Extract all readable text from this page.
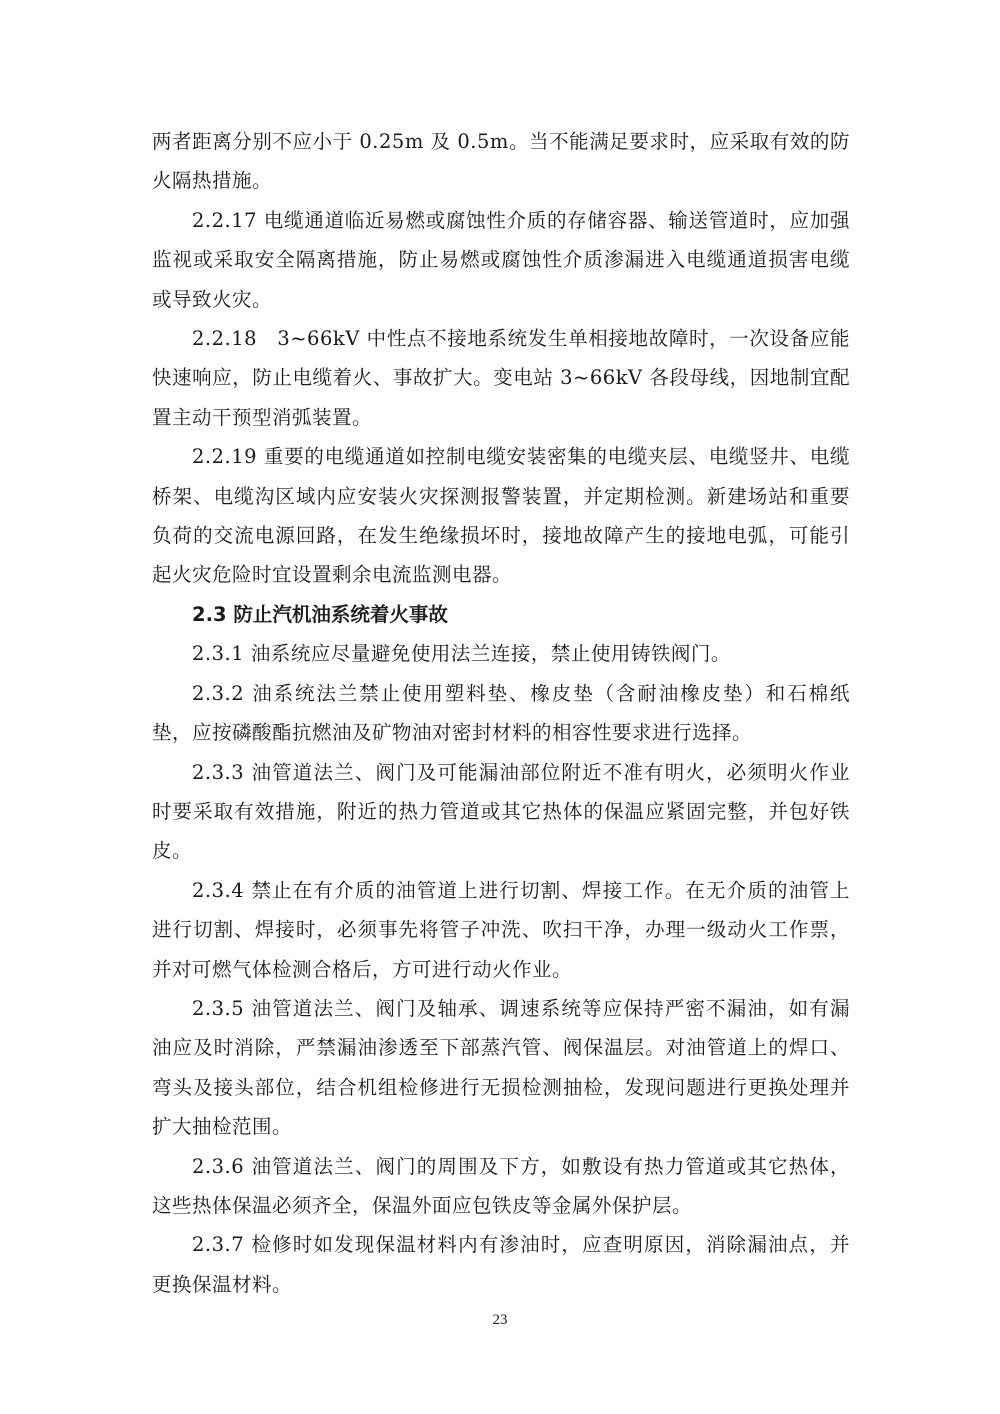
两者距离分别不应小于 0.25m 及 0.5m。当不能满足要求时，应采取有效的防火隔热措施。

2.2.17 电缆通道临近易燃或腐蚀性介质的存储容器、输送管道时，应加强监视或采取安全隔离措施，防止易燃或腐蚀性介质渗漏进入电缆通道损害电缆或导致火灾。

2.2.18　3~66kV 中性点不接地系统发生单相接地故障时，一次设备应能快速响应，防止电缆着火、事故扩大。变电站 3~66kV 各段母线，因地制宜配置主动干预型消弧装置。

2.2.19 重要的电缆通道如控制电缆安装密集的电缆夹层、电缆竖井、电缆桥架、电缆沟区域内应安装火灾探测报警装置，并定期检测。新建场站和重要负荷的交流电源回路，在发生绝缘损坏时，接地故障产生的接地电弧，可能引起火灾危险时宜设置剩余电流监测电器。

2.3 防止汽机油系统着火事故

2.3.1 油系统应尽量避免使用法兰连接，禁止使用铸铁阀门。

2.3.2 油系统法兰禁止使用塑料垫、橡皮垫（含耐油橡皮垫）和石棉纸垫，应按磷酸酯抗燃油及矿物油对密封材料的相容性要求进行选择。

2.3.3 油管道法兰、阀门及可能漏油部位附近不准有明火，必须明火作业时要采取有效措施，附近的热力管道或其它热体的保温应紧固完整，并包好铁皮。

2.3.4 禁止在有介质的油管道上进行切割、焊接工作。在无介质的油管上进行切割、焊接时，必须事先将管子冲洗、吹扫干净，办理一级动火工作票，并对可燃气体检测合格后，方可进行动火作业。

2.3.5 油管道法兰、阀门及轴承、调速系统等应保持严密不漏油，如有漏油应及时消除，严禁漏油渗透至下部蒸汽管、阀保温层。对油管道上的焊口、弯头及接头部位，结合机组检修进行无损检测抽检，发现问题进行更换处理并扩大抽检范围。

2.3.6 油管道法兰、阀门的周围及下方，如敷设有热力管道或其它热体，这些热体保温必须齐全，保温外面应包铁皮等金属外保护层。

2.3.7 检修时如发现保温材料内有渗油时，应查明原因，消除漏油点，并更换保温材料。

23
